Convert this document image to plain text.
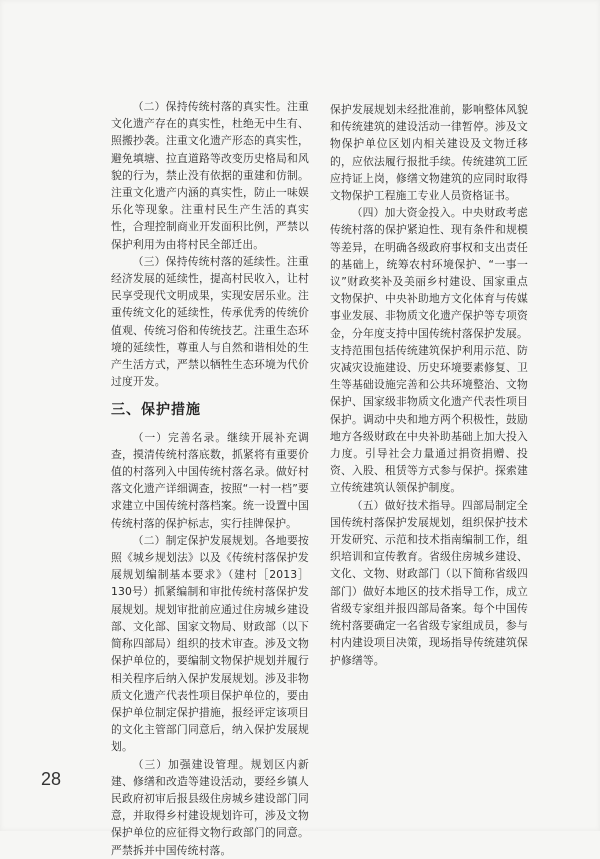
（二）保持传统村落的真实性。注重文化遗产存在的真实性，杜绝无中生有、照搬抄袭。注重文化遗产形态的真实性，避免填塘、拉直道路等改变历史格局和风貌的行为，禁止没有依据的重建和仿制。注重文化遗产内涵的真实性，防止一味娱乐化等现象。注重村民生产生活的真实性，合理控制商业开发面积比例，严禁以保护利用为由将村民全部迁出。

（三）保持传统村落的延续性。注重经济发展的延续性，提高村民收入，让村民享受现代文明成果，实现安居乐业。注重传统文化的延续性，传承优秀的传统价值观、传统习俗和传统技艺。注重生态环境的延续性，尊重人与自然和谐相处的生产生活方式，严禁以牺牲生态环境为代价过度开发。

三、保护措施

（一）完善名录。继续开展补充调查，摸清传统村落底数，抓紧将有重要价值的村落列入中国传统村落名录。做好村落文化遗产详细调查，按照“一村一档”要求建立中国传统村落档案。统一设置中国传统村落的保护标志，实行挂牌保护。

（二）制定保护发展规划。各地要按照《城乡规划法》以及《传统村落保护发展规划编制基本要求》（建村［2013］130号）抓紧编制和审批传统村落保护发展规划。规划审批前应通过住房城乡建设部、文化部、国家文物局、财政部（以下简称四部局）组织的技术审查。涉及文物保护单位的，要编制文物保护规划并履行相关程序后纳入保护发展规划。涉及非物质文化遗产代表性项目保护单位的，要由保护单位制定保护措施，报经评定该项目的文化主管部门同意后，纳入保护发展规划。

（三）加强建设管理。规划区内新建、修缮和改造等建设活动，要经乡镇人民政府初审后报县级住房城乡建设部门同意，并取得乡村建设规划许可，涉及文物保护单位的应征得文物行政部门的同意。严禁拆并中国传统村落。

保护发展规划未经批准前，影响整体风貌和传统建筑的建设活动一律暂停。涉及文物保护单位区划内相关建设及文物迁移的，应依法履行报批手续。传统建筑工匠应持证上岗，修缮文物建筑的应同时取得文物保护工程施工专业人员资格证书。

（四）加大资金投入。中央财政考虑传统村落的保护紧迫性、现有条件和规模等差异，在明确各级政府事权和支出责任的基础上，统筹农村环境保护、“一事一议”财政奖补及美丽乡村建设、国家重点文物保护、中央补助地方文化体育与传媒事业发展、非物质文化遗产保护等专项资金，分年度支持中国传统村落保护发展。支持范围包括传统建筑保护利用示范、防灾减灾设施建设、历史环境要素修复、卫生等基础设施完善和公共环境整治、文物保护、国家级非物质文化遗产代表性项目保护。调动中央和地方两个积极性，鼓励地方各级财政在中央补助基础上加大投入力度。引导社会力量通过捐资捐赠、投资、入股、租赁等方式参与保护。探索建立传统建筑认领保护制度。

（五）做好技术指导。四部局制定全国传统村落保护发展规划，组织保护技术开发研究、示范和技术指南编制工作，组织培训和宣传教育。省级住房城乡建设、文化、文物、财政部门（以下简称省级四部门）做好本地区的技术指导工作，成立省级专家组并报四部局备案。每个中国传统村落要确定一名省级专家组成员，参与村内建设项目决策，现场指导传统建筑保护修缮等。

28
